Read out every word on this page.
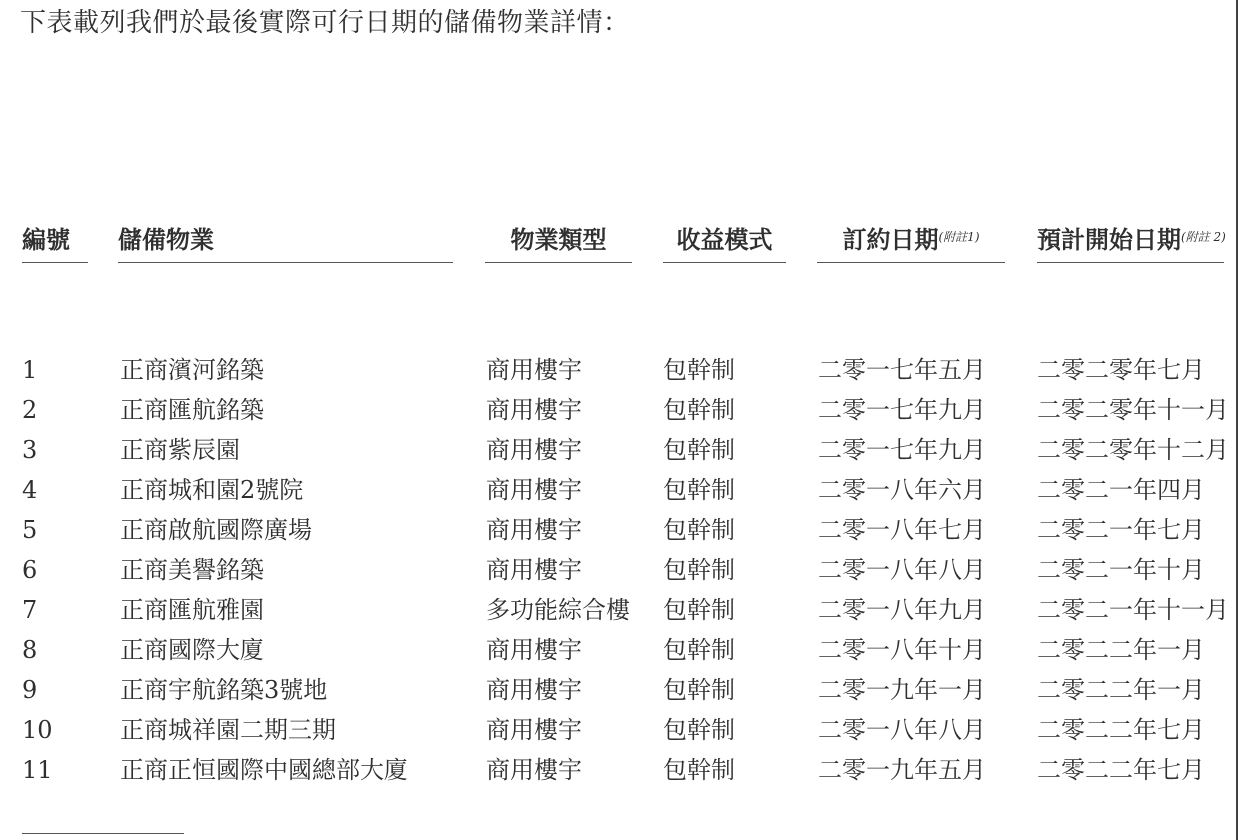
下表載列我們於最後實際可行日期的儲備物業詳情：
編號	儲備物業	物業類型	收益模式	訂約日期$^{(附註1)}$	預計開始日期$^{(附註 2)}$
1	正商濱河銘築	商用樓宇	包幹制	二零一七年五月 二零二零年七月
2	正商匯航銘築	商用樓宇	包幹制	二零一七年九月 二零二零年十一月
3	正商紫辰園	商用樓宇	包幹制	二零一七年九月 二零二零年十二月
4	正商城和園2號院	商用樓宇	包幹制	二零一八年六月 二零二一年四月
5	正商啟航國際廣場	商用樓宇	包幹制	二零一八年七月 二零二一年七月
6	正商美譽銘築	商用樓宇	包幹制	二零一八年八月 二零二一年十月
7	正商匯航雅園	多功能綜合樓 包幹制	二零一八年九月 二零二一年十一月
8	正商國際大廈	商用樓宇	包幹制	二零一八年十月 二零二二年一月
9	正商宇航銘築3號地	商用樓宇	包幹制	二零一九年一月 二零二二年一月
10	正商城祥園二期三期	商用樓宇	包幹制	二零一八年八月 二零二二年七月
11	正商正恒國際中國總部大廈	商用樓宇	包幹制	二零一九年五月 二零二二年七月
